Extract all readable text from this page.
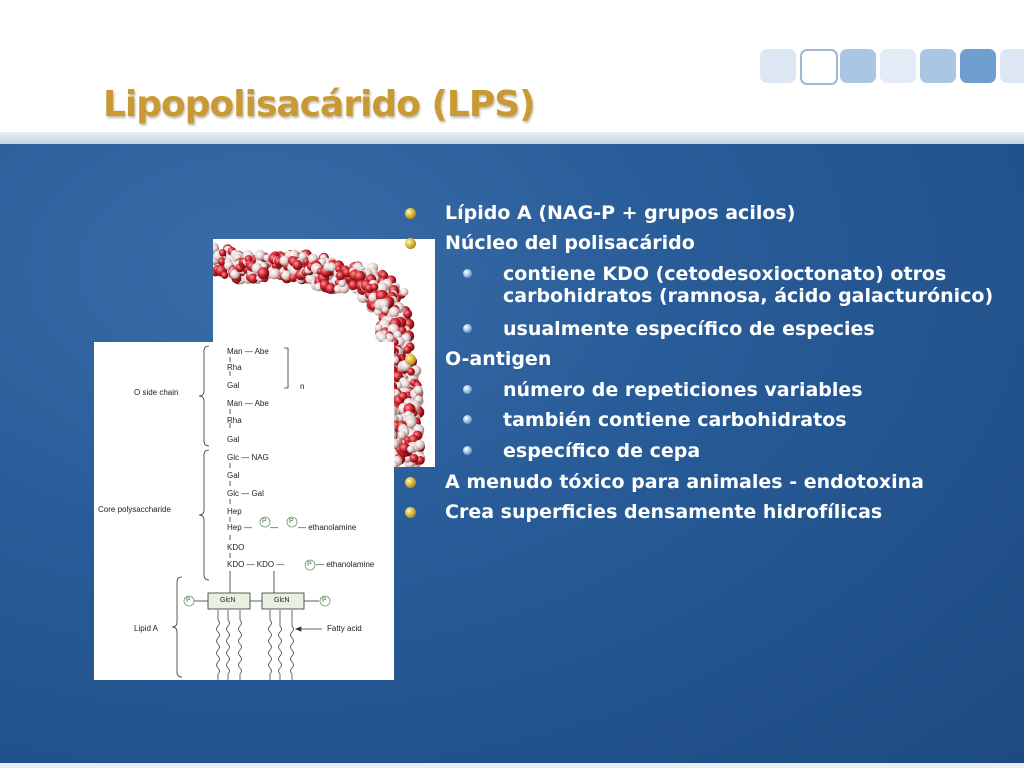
Lipopolisacárido (LPS)
O side chain
Core polysaccharide
Lipid A
n
Man — Abe
Rha
Gal
Man — Abe
Rha
Gal
Glc — NAG
Gal
Glc — Gal
Hep
Hep — —	— ethanolamine
KDO
KDO — KDO —	— ethanolamine
P	P
P
P	P
GlcN	GlcN
Fatty acid
Lípido A (NAG-P + grupos acilos)
Núcleo del polisacárido
contiene KDO (cetodesoxioctonato) otros
carbohidratos (ramnosa, ácido galacturónico)
usualmente específico de especies
O-antigen
número de repeticiones variables
también contiene carbohidratos
específico de cepa
A menudo tóxico para animales - endotoxina
Crea superficies densamente hidrofílicas
